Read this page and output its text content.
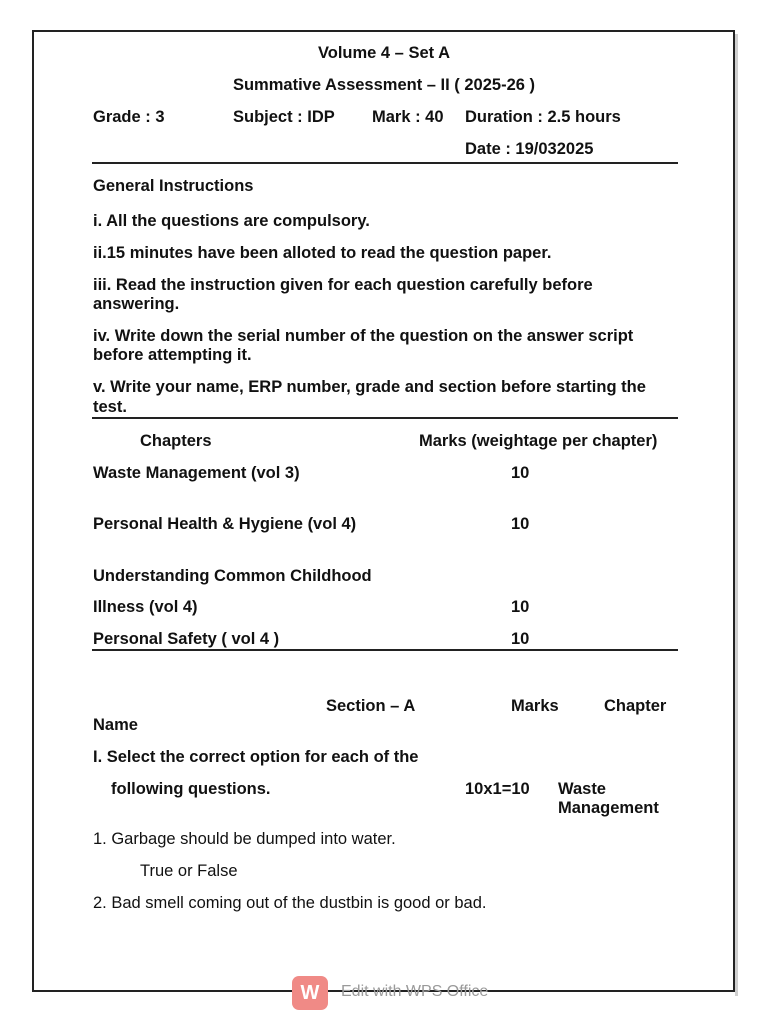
Volume 4 – Set A
Summative Assessment – II ( 2025-26 )
Grade : 3	Subject : IDP Mark : 40 Duration : 2.5 hours
Date : 19/032025
General Instructions
i. All the questions are compulsory.
ii.15 minutes have been alloted to read the question paper.
iii. Read the instruction given for each question carefully before
answering.
iv. Write down the serial number of the question on the answer script
before attempting it.
v. Write your name, ERP number, grade and section before starting the
test.
Chapters	Marks (weightage per chapter)
Waste Management (vol 3)	10
Personal Health & Hygiene (vol 4)	10
Understanding Common Childhood
Illness (vol 4)	10
Personal Safety ( vol 4 )	10
Section – A	Marks	Chapter
Name
I. Select the correct option for each of the
following questions.	10x1=10 Waste
Management
1. Garbage should be dumped into water.
True or False
2. Bad smell coming out of the dustbin is good or bad.
W	Edit with WPS Office
